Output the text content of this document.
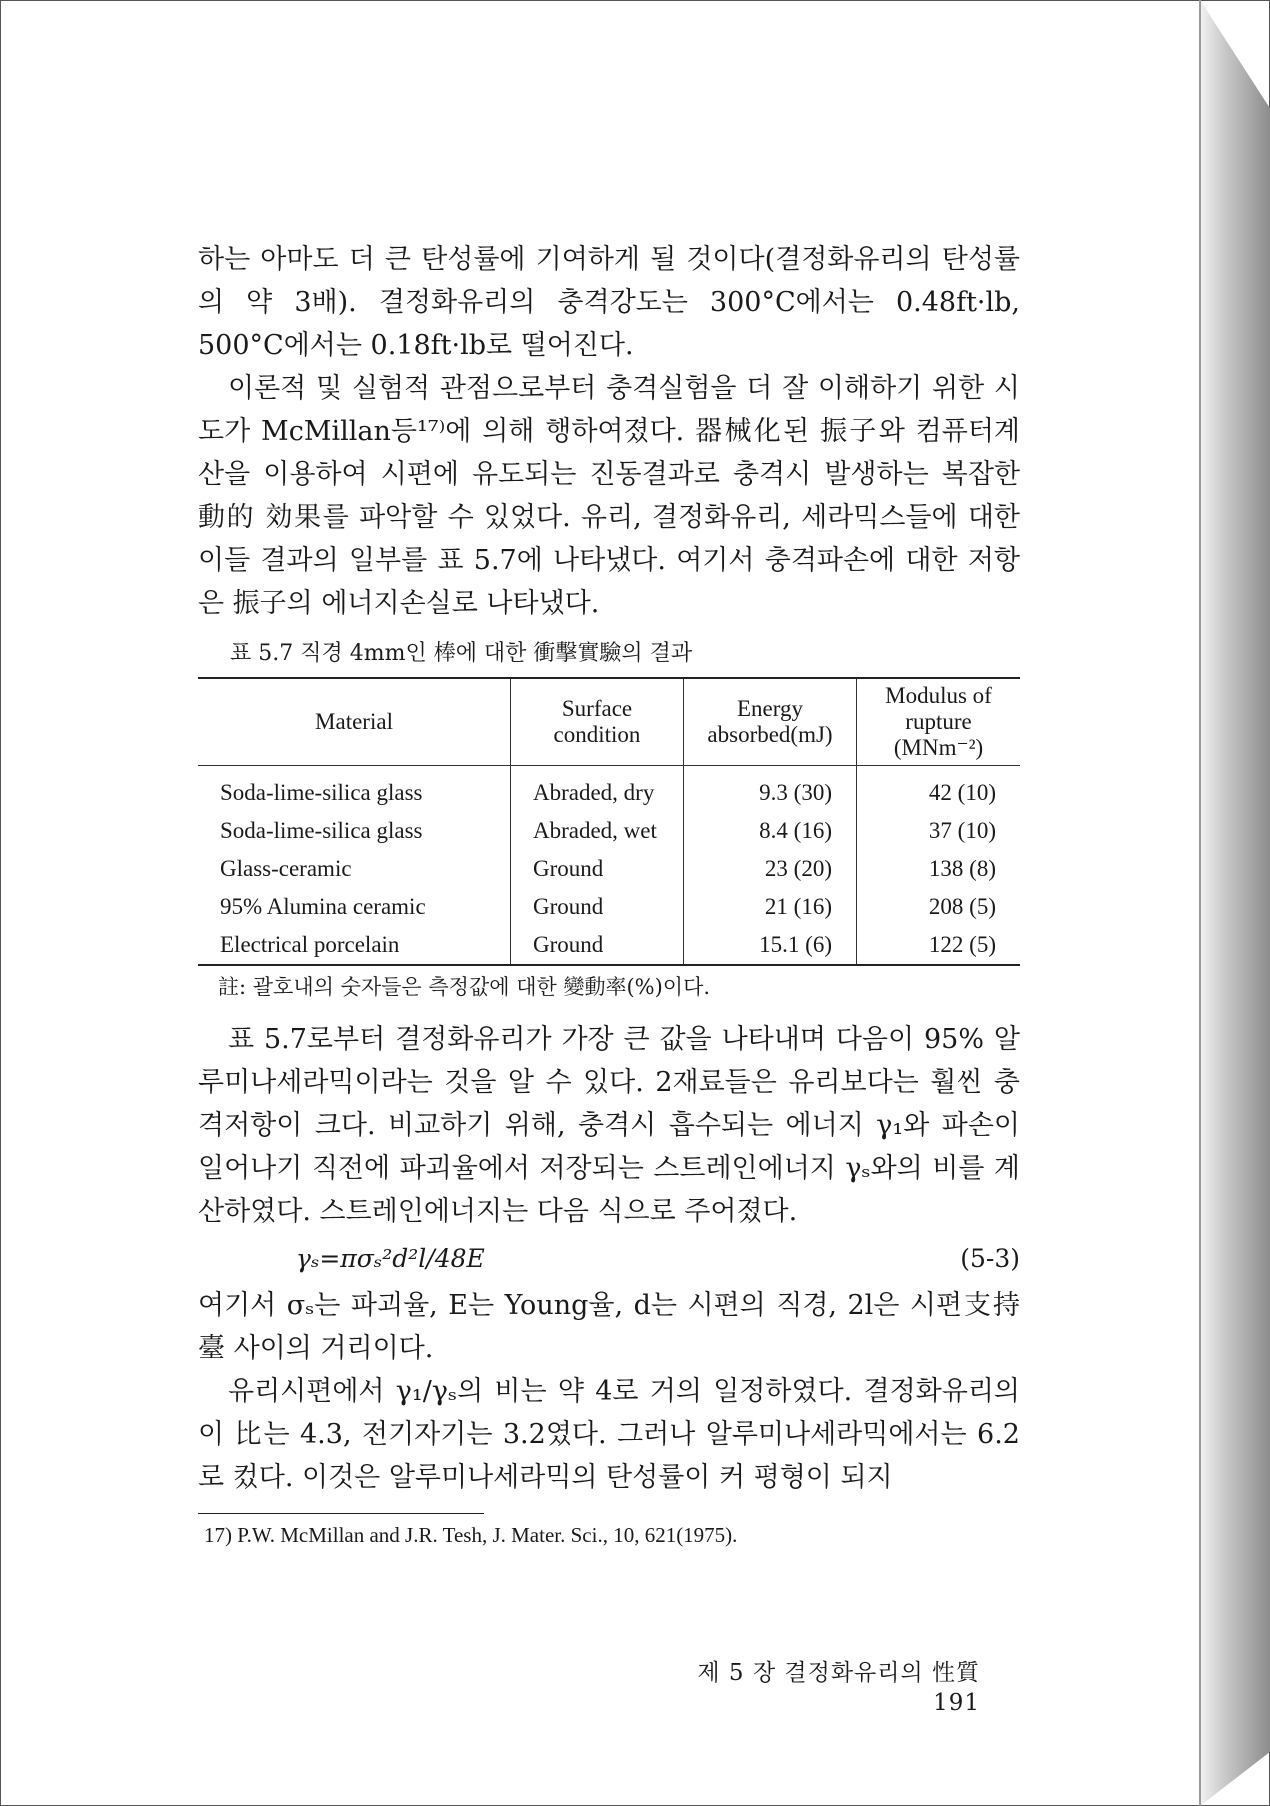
하는 아마도 더 큰 탄성률에 기여하게 될 것이다(결정화유리의 탄성률의 약 3배). 결정화유리의 충격강도는 300°C에서는 0.48ft·lb, 500°C에서는 0.18ft·lb로 떨어진다.

이론적 및 실험적 관점으로부터 충격실험을 더 잘 이해하기 위한 시도가 McMillan등¹⁷⁾에 의해 행하여졌다. 器械化된 振子와 컴퓨터계산을 이용하여 시편에 유도되는 진동결과로 충격시 발생하는 복잡한 動的 効果를 파악할 수 있었다. 유리, 결정화유리, 세라믹스들에 대한 이들 결과의 일부를 표 5.7에 나타냈다. 여기서 충격파손에 대한 저항은 振子의 에너지손실로 나타냈다.

표 5.7 직경 4mm인 棒에 대한 衝擊實驗의 결과
Material	Surface condition	Energy absorbed(mJ)	Modulus of rupture (MNm⁻²)
Soda-lime-silica glass	Abraded, dry	9.3 (30)	42 (10)
Soda-lime-silica glass	Abraded, wet	8.4 (16)	37 (10)
Glass-ceramic	Ground	23 (20)	138 (8)
95% Alumina ceramic	Ground	21 (16)	208 (5)
Electrical porcelain	Ground	15.1 (6)	122 (5)
註: 괄호내의 숫자들은 측정값에 대한 變動率(%)이다.

표 5.7로부터 결정화유리가 가장 큰 값을 나타내며 다음이 95% 알루미나세라믹이라는 것을 알 수 있다. 2재료들은 유리보다는 훨씬 충격저항이 크다. 비교하기 위해, 충격시 흡수되는 에너지 γ₁와 파손이 일어나기 직전에 파괴율에서 저장되는 스트레인에너지 γₛ와의 비를 계산하였다. 스트레인에너지는 다음 식으로 주어졌다.

γₛ=πσₛ²d²l/48E	(5-3)

여기서 σₛ는 파괴율, E는 Young율, d는 시편의 직경, 2l은 시편支持臺 사이의 거리이다.

유리시편에서 γ₁/γₛ의 비는 약 4로 거의 일정하였다. 결정화유리의 이 比는 4.3, 전기자기는 3.2였다. 그러나 알루미나세라믹에서는 6.2로 컸다. 이것은 알루미나세라믹의 탄성률이 커 평형이 되지

17) P.W. McMillan and J.R. Tesh, J. Mater. Sci., 10, 621(1975).

제 5 장 결정화유리의 性質 191
